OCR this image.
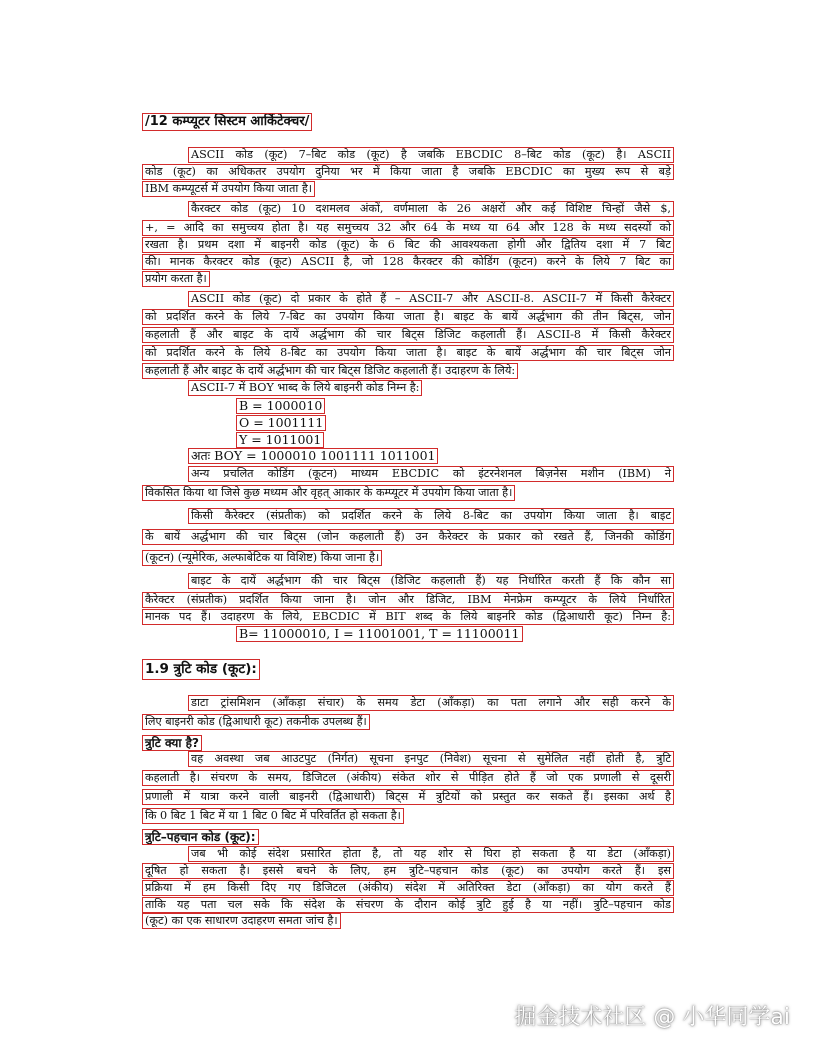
/12 कम्प्यूटर सिस्टम आर्किटेक्चर/
ASCII कोड (कूट) 7–बिट कोड (कूट) है जबकि EBCDIC 8–बिट कोड (कूट) है। ASCII
कोड (कूट) का अधिकतर उपयोग दुनिया भर में किया जाता है जबकि EBCDIC का मुख्य रूप से बड़े
IBM कम्प्यूटर्स में उपयोग किया जाता है।
कैरक्टर कोड (कूट) 10 दशमलव अंकों, वर्णमाला के 26 अक्षरों और कई विशिष्ट चिन्हों जैसे $,
+, = आदि का समुच्चय होता है। यह समुच्चय 32 और 64 के मध्य या 64 और 128 के मध्य सदस्यों को
रखता है। प्रथम दशा में बाइनरी कोड (कूट) के 6 बिट की आवश्यकता होगी और द्वितिय दशा में 7 बिट
की। मानक कैरक्टर कोड (कूट) ASCII है, जो 128 कैरक्टर की कोडिंग (कूटन) करने के लिये 7 बिट का
प्रयोग करता है।
ASCII कोड (कूट) दो प्रकार के होते हैं – ASCII-7 और ASCII-8. ASCII-7 में किसी कैरेक्टर
को प्रदर्शित करने के लिये 7-बिट का उपयोग किया जाता है। बाइट के बायें अर्द्धभाग की तीन बिट्स, जोन
कहलाती हैं और बाइट के दायें अर्द्धभाग की चार बिट्स डिजिट कहलाती हैं। ASCII-8 में किसी कैरेक्टर
को प्रदर्शित करने के लिये 8-बिट का उपयोग किया जाता है। बाइट के बायें अर्द्धभाग की चार बिट्स जोन
कहलाती हैं और बाइट के दायें अर्द्धभाग की चार बिट्स डिजिट कहलाती हैं। उदाहरण के लिये:
ASCII-7 में BOY भाब्द के लिये बाइनरी कोड निम्न है:
B = 1000010
O = 1001111
Y = 1011001
अतः BOY = 1000010 1001111 1011001
अन्य प्रचलित कोडिंग (कूटन) माध्यम EBCDIC को इंटरनेशनल बिज़नेस मशीन (IBM) ने
विकसित किया था जिसे कुछ मध्यम और वृहत् आकार के कम्प्यूटर में उपयोग किया जाता है।
किसी कैरेक्टर (संप्रतीक) को प्रदर्शित करने के लिये 8-बिट का उपयोग किया जाता है। बाइट
के बायें अर्द्धभाग की चार बिट्स (जोन कहलाती हैं) उन कैरेक्टर के प्रकार को रखते हैं, जिनकी कोडिंग
(कूटन) (न्यूमेरिक, अल्फाबेटिक या विशिष्ट) किया जाना है।
बाइट के दायें अर्द्धभाग की चार बिट्स (डिजिट कहलाती हैं) यह निर्धारित करती हैं कि कौन सा
कैरेक्टर (संप्रतीक) प्रदर्शित किया जाना है। जोन और डिजिट, IBM मेनफ्रेम कम्प्यूटर के लिये निर्धारित
मानक पद हैं। उदाहरण के लिये, EBCDIC में BIT शब्द के लिये बाइनरि कोड (द्विआधारी कूट) निम्न है:
B= 11000010, I = 11001001, T = 11100011
1.9 त्रुटि कोड (कूट):
डाटा ट्रांसमिशन (आँकड़ा संचार) के समय डेटा (आँकड़ा) का पता लगाने और सही करने के
लिए बाइनरी कोड (द्विआधारी कूट) तकनीक उपलब्ध हैं।
त्रुटि क्या है?
वह अवस्था जब आउटपुट (निर्गत) सूचना इनपुट (निवेश) सूचना से सुमेलित नहीं होती है, त्रुटि
कहलाती है। संचरण के समय, डिजिटल (अंकीय) संकेत शोर से पीड़ित होते हैं जो एक प्रणाली से दूसरी
प्रणाली में यात्रा करने वाली बाइनरी (द्विआधारी) बिट्स में त्रुटियों को प्रस्तुत कर सकते हैं। इसका अर्थ है
कि 0 बिट 1 बिट में या 1 बिट 0 बिट में परिवर्तित हो सकता है।
त्रुटि–पहचान कोड (कूट):
जब भी कोई संदेश प्रसारित होता है, तो यह शोर से घिरा हो सकता है या डेटा (आँकड़ा)
दूषित हो सकता है। इससे बचने के लिए, हम त्रुटि–पहचान कोड (कूट) का उपयोग करते हैं। इस
प्रक्रिया में हम किसी दिए गए डिजिटल (अंकीय) संदेश में अतिरिक्त डेटा (आँकड़ा) का योग करते हैं
ताकि यह पता चल सके कि संदेश के संचरण के दौरान कोई त्रुटि हुई है या नहीं। त्रुटि–पहचान कोड
(कूट) का एक साधारण उदाहरण समता जांच है।
掘金技术社区 @ 小华同学ai
